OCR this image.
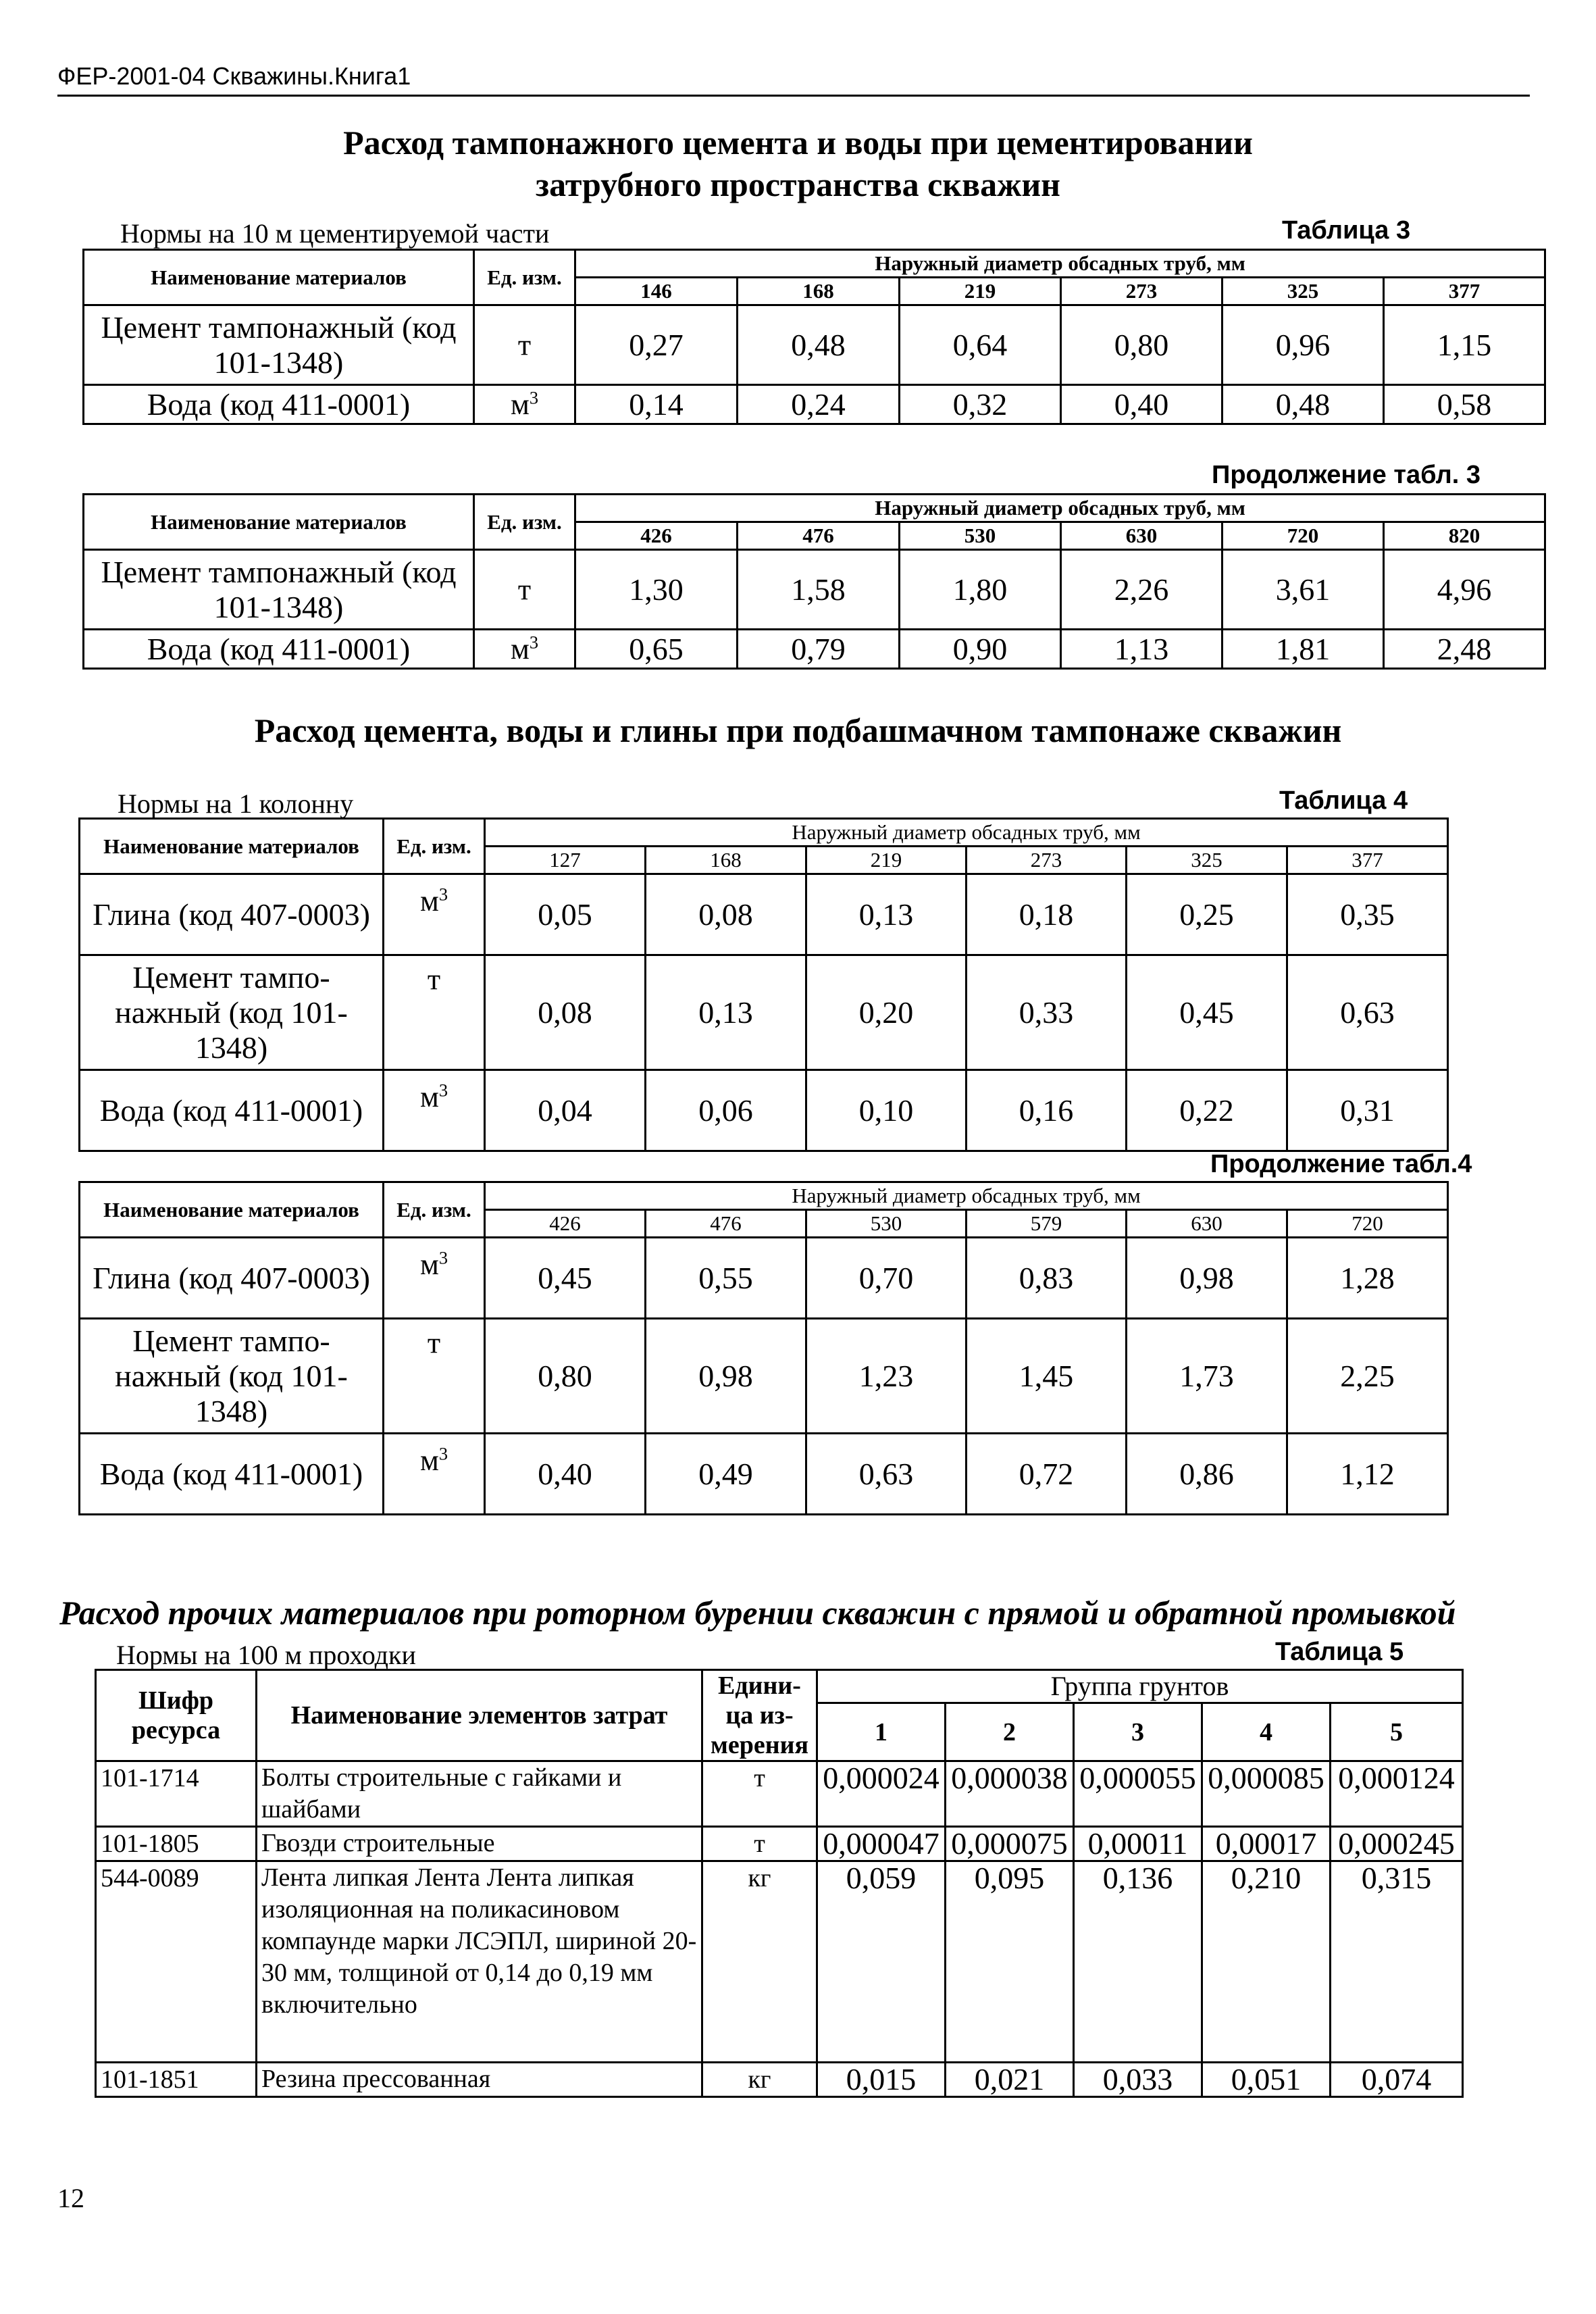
ФЕР-2001-04 Скважины.Книга1
Расход тампонажного цемента и воды при цементировании
затрубного пространства скважин
Нормы на 10 м цементируемой части	Таблица 3
Наименование материалов	Ед. изм.	Наружный диаметр обсадных труб, мм					
		146	168	219	273	325	377
Цемент тампонажный (код 101-1348)	т	0,27	0,48	0,64	0,80	0,96	1,15
Вода (код 411-0001)	$м^3$	0,14	0,24	0,32	0,40	0,48	0,58
Продолжение табл. 3
Наименование материалов	Ед. изм.	Наружный диаметр обсадных труб, мм					
		426	476	530	630	720	820
Цемент тампонажный (код 101-1348)	т	1,30	1,58	1,80	2,26	3,61	4,96
Вода (код 411-0001)	$м^3$	0,65	0,79	0,90	1,13	1,81	2,48
Расход цемента, воды и глины при подбашмачном тампонаже скважин
Нормы на 1 колонну	Таблица 4
Наименование материалов	Ед. изм.	Наружный диаметр обсадных труб, мм					
		127	168	219	273	325	377
Глина (код 407-0003)	$м^3$	0,05	0,08	0,13	0,18	0,25	0,35
Цемент тампо-нажный (код 101-1348)	т	0,08	0,13	0,20	0,33	0,45	0,63
Вода (код 411-0001)	$м^3$	0,04	0,06	0,10	0,16	0,22	0,31
Продолжение табл.4
Наименование материалов	Ед. изм.	Наружный диаметр обсадных труб, мм					
		426	476	530	579	630	720
Глина (код 407-0003)	$м^3$	0,45	0,55	0,70	0,83	0,98	1,28
Цемент тампо-нажный (код 101-1348)	т	0,80	0,98	1,23	1,45	1,73	2,25
Вода (код 411-0001)	$м^3$	0,40	0,49	0,63	0,72	0,86	1,12
Расход прочих материалов при роторном бурении скважин с прямой и обратной промывкой
Нормы на 100 м проходки	Таблица 5
Шифр ресурса	Наименование элементов затрат	Едини-ца из-мерения	Группа грунтов				
			1	2	3	4	5
101-1714	Болты строительные с гайками и шайбами	т	0,000024	0,000038	0,000055	0,000085	0,000124
101-1805	Гвозди строительные	т	0,000047	0,000075	0,00011	0,00017	0,000245
544-0089	Лента липкая Лента Лента липкая изоляционная на поликасиновом компаунде марки ЛСЭПЛ, шириной 20-30 мм, толщиной от 0,14 до 0,19 мм включительно	кг	0,059	0,095	0,136	0,210	0,315
101-1851	Резина прессованная	кг	0,015	0,021	0,033	0,051	0,074
12
